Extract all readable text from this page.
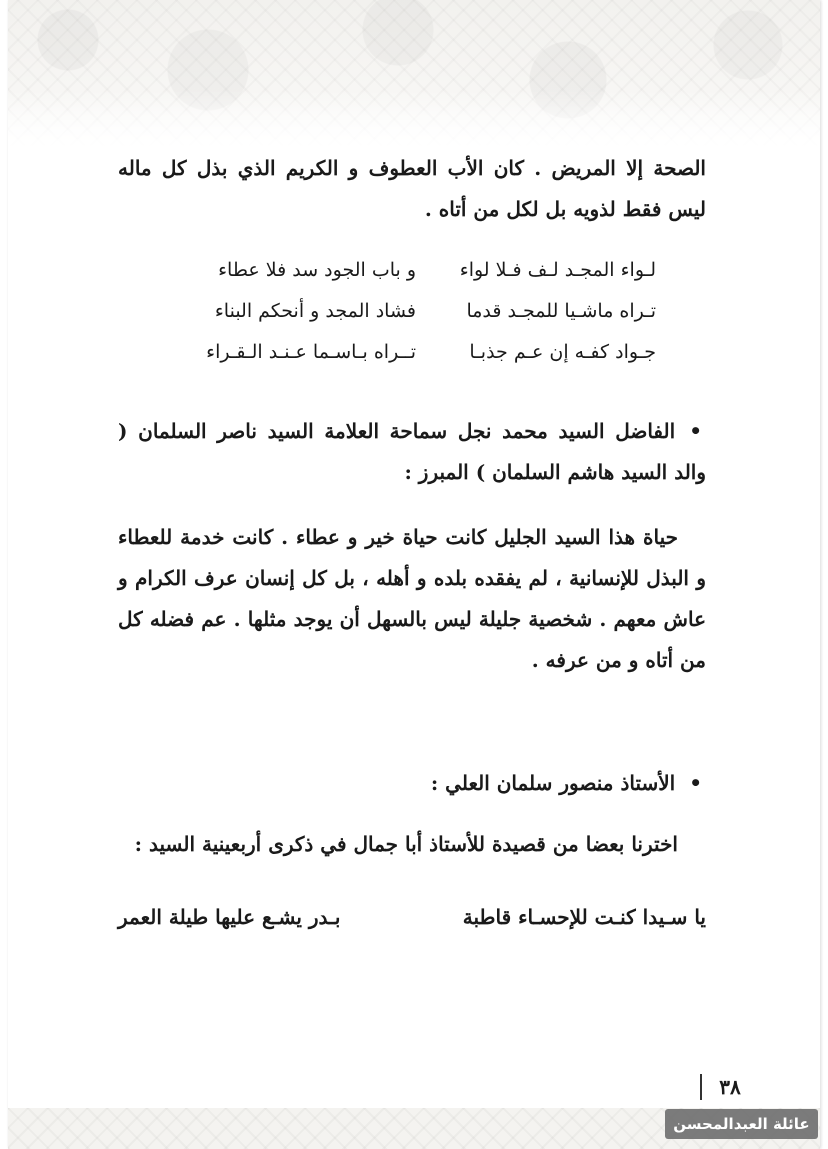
الصحة إلا المريض . كان الأب العطوف و الكريم الذي بذل كل ماله ليس فقط لذويه بل لكل من أتاه .

لـواء المجـد لـف فـلا لواء
و باب الجود سد فلا عطاء
تـراه ماشـيا للمجـد قدما
فشاد المجد و أنحكم البناء
جـواد كفـه إن عـم جذبـا
تــراه بـاسـما عـنـد الـقـراء

•الفاضل السيد محمد نجل سماحة العلامة السيد ناصر السلمان ( والد السيد هاشم السلمان ) المبرز :

حياة هذا السيد الجليل كانت حياة خير و عطاء . كانت خدمة للعطاء و البذل للإنسانية ، لم يفقده بلده و أهله ، بل كل إنسان عرف الكرام و عاش معهم . شخصية جليلة ليس بالسهل أن يوجد مثلها . عم فضله كل من أتاه و من عرفه .

•الأستاذ منصور سلمان العلي :

اخترنا بعضا من قصيدة للأستاذ أبا جمال في ذكرى أربعينية السيد :

يا سـيدا كنـت للإحسـاء قاطبة
بـدر يشـع عليها طيلة العمر
٣٨
عائلة العبدالمحسن
